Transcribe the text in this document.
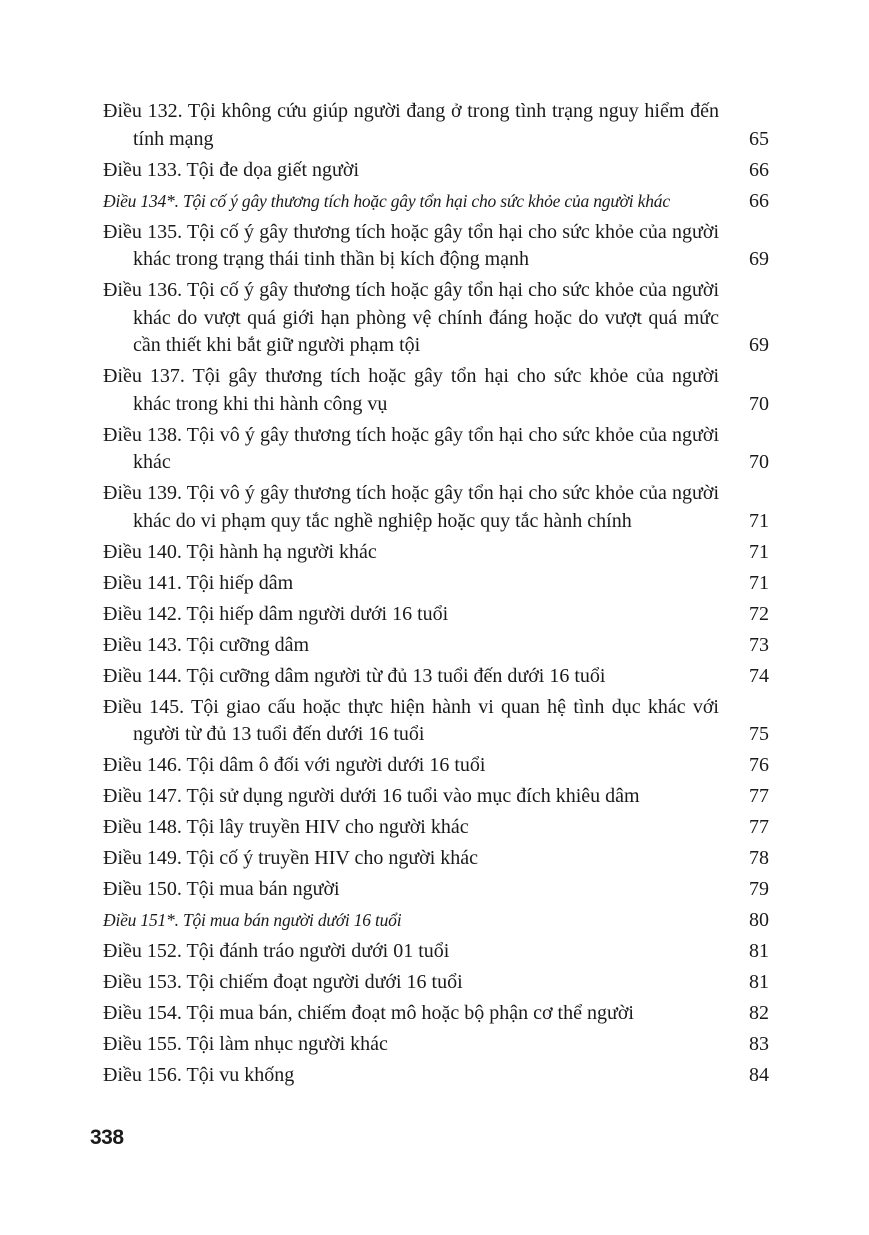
Điều 132. Tội không cứu giúp người đang ở trong tình trạng nguy hiểm đến tính mạng	65
Điều 133. Tội đe dọa giết người	66
Điều 134*. Tội cố ý gây thương tích hoặc gây tổn hại cho sức khỏe của người khác	66
Điều 135. Tội cố ý gây thương tích hoặc gây tổn hại cho sức khỏe của người khác trong trạng thái tinh thần bị kích động mạnh	69
Điều 136. Tội cố ý gây thương tích hoặc gây tổn hại cho sức khỏe của người khác do vượt quá giới hạn phòng vệ chính đáng hoặc do vượt quá mức cần thiết khi bắt giữ người phạm tội	69
Điều 137. Tội gây thương tích hoặc gây tổn hại cho sức khỏe của người khác trong khi thi hành công vụ	70
Điều 138. Tội vô ý gây thương tích hoặc gây tổn hại cho sức khỏe của người khác	70
Điều 139. Tội vô ý gây thương tích hoặc gây tổn hại cho sức khỏe của người khác do vi phạm quy tắc nghề nghiệp hoặc quy tắc hành chính	71
Điều 140. Tội hành hạ người khác	71
Điều 141. Tội hiếp dâm	71
Điều 142. Tội hiếp dâm người dưới 16 tuổi	72
Điều 143. Tội cưỡng dâm	73
Điều 144. Tội cưỡng dâm người từ đủ 13 tuổi đến dưới 16 tuổi	74
Điều 145. Tội giao cấu hoặc thực hiện hành vi quan hệ tình dục khác với người từ đủ 13 tuổi đến dưới 16 tuổi	75
Điều 146. Tội dâm ô đối với người dưới 16 tuổi	76
Điều 147. Tội sử dụng người dưới 16 tuổi vào mục đích khiêu dâm	77
Điều 148. Tội lây truyền HIV cho người khác	77
Điều 149. Tội cố ý truyền HIV cho người khác	78
Điều 150. Tội mua bán người	79
Điều 151*. Tội mua bán người dưới 16 tuổi	80
Điều 152. Tội đánh tráo người dưới 01 tuổi	81
Điều 153. Tội chiếm đoạt người dưới 16 tuổi	81
Điều 154. Tội mua bán, chiếm đoạt mô hoặc bộ phận cơ thể người	82
Điều 155. Tội làm nhục người khác	83
Điều 156. Tội vu khống	84
338
